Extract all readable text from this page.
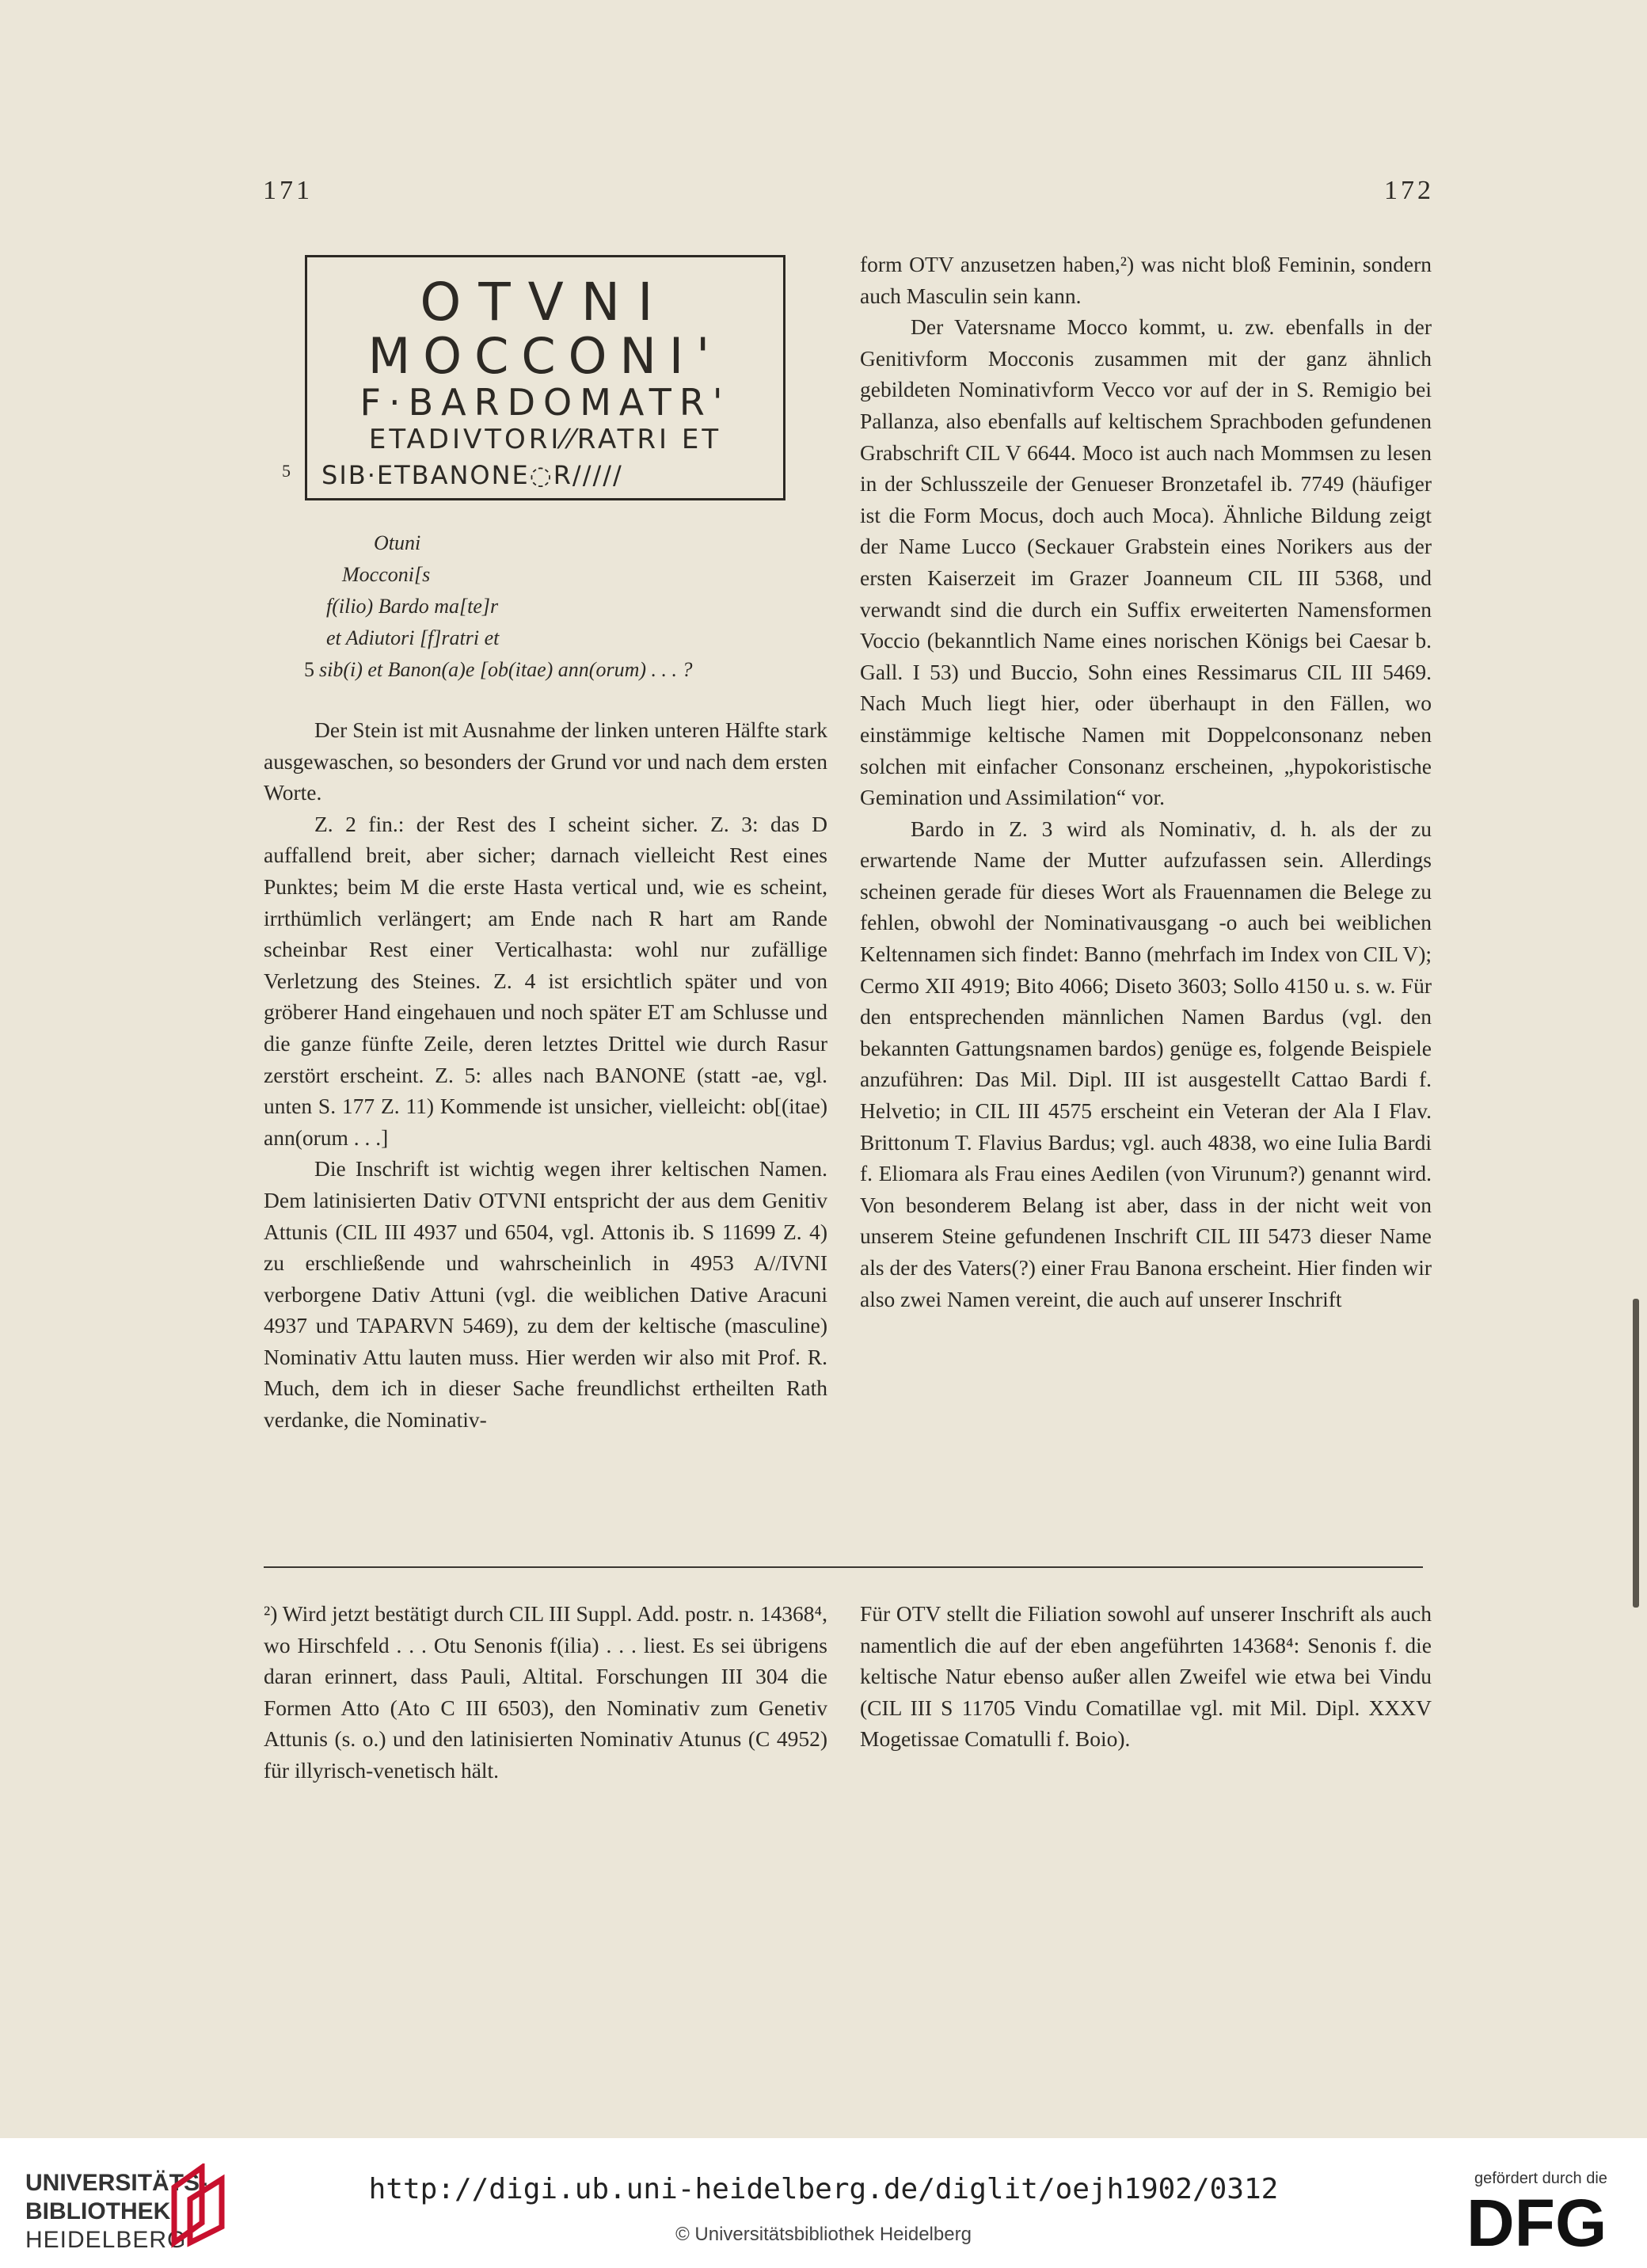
171	172
OTVNI
MOCCONI'
F·BARDOMATR'
ETADIVTORI⁄⁄RATRI ET
SIB·ETBANONE◌R/////
5
Otuni
Mocconi[s
f(ilio) Bardo ma[te]r
et Adiutori [f]ratri et
5 sib(i) et Banon(a)e [ob(itae) ann(orum) . . . ?

Der Stein ist mit Ausnahme der linken unteren Hälfte stark ausgewaschen, so besonders der Grund vor und nach dem ersten Worte.

Z. 2 fin.: der Rest des I scheint sicher. Z. 3: das D auffallend breit, aber sicher; darnach vielleicht Rest eines Punktes; beim M die erste Hasta vertical und, wie es scheint, irrthümlich verlängert; am Ende nach R hart am Rande scheinbar Rest einer Verticalhasta: wohl nur zufällige Verletzung des Steines. Z. 4 ist ersichtlich später und von gröberer Hand eingehauen und noch später ET am Schlusse und die ganze fünfte Zeile, deren letztes Drittel wie durch Rasur zerstört erscheint. Z. 5: alles nach BANONE (statt -ae, vgl. unten S. 177 Z. 11) Kommende ist unsicher, vielleicht: ob[(itae) ann(orum . . .]

Die Inschrift ist wichtig wegen ihrer keltischen Namen. Dem latinisierten Dativ OTVNI entspricht der aus dem Genitiv Attunis (CIL III 4937 und 6504, vgl. Attonis ib. S 11699 Z. 4) zu erschließende und wahrscheinlich in 4953 A//IVNI verborgene Dativ Attuni (vgl. die weiblichen Dative Aracuni 4937 und TAPARVN 5469), zu dem der keltische (masculine) Nominativ Attu lauten muss. Hier werden wir also mit Prof. R. Much, dem ich in dieser Sache freundlichst ertheilten Rath verdanke, die Nominativ-

form OTV anzusetzen haben,²) was nicht bloß Feminin, sondern auch Masculin sein kann.

Der Vatersname Mocco kommt, u. zw. ebenfalls in der Genitivform Mocconis zusammen mit der ganz ähnlich gebildeten Nominativform Vecco vor auf der in S. Remigio bei Pallanza, also ebenfalls auf keltischem Sprachboden gefundenen Grabschrift CIL V 6644. Moco ist auch nach Mommsen zu lesen in der Schlusszeile der Genueser Bronzetafel ib. 7749 (häufiger ist die Form Mocus, doch auch Moca). Ähnliche Bildung zeigt der Name Lucco (Seckauer Grabstein eines Norikers aus der ersten Kaiserzeit im Grazer Joanneum CIL III 5368, und verwandt sind die durch ein Suffix erweiterten Namensformen Voccio (bekanntlich Name eines norischen Königs bei Caesar b. Gall. I 53) und Buccio, Sohn eines Ressimarus CIL III 5469. Nach Much liegt hier, oder überhaupt in den Fällen, wo einstämmige keltische Namen mit Doppelconsonanz neben solchen mit einfacher Consonanz erscheinen, „hypokoristische Gemination und Assimilation“ vor.

Bardo in Z. 3 wird als Nominativ, d. h. als der zu erwartende Name der Mutter aufzufassen sein. Allerdings scheinen gerade für dieses Wort als Frauennamen die Belege zu fehlen, obwohl der Nominativausgang -o auch bei weiblichen Keltennamen sich findet: Banno (mehrfach im Index von CIL V); Cermo XII 4919; Bito 4066; Diseto 3603; Sollo 4150 u. s. w. Für den entsprechenden männlichen Namen Bardus (vgl. den bekannten Gattungsnamen bardos) genüge es, folgende Beispiele anzuführen: Das Mil. Dipl. III ist ausgestellt Cattao Bardi f. Helvetio; in CIL III 4575 erscheint ein Veteran der Ala I Flav. Brittonum T. Flavius Bardus; vgl. auch 4838, wo eine Iulia Bardi f. Eliomara als Frau eines Aedilen (von Virunum?) genannt wird. Von besonderem Belang ist aber, dass in der nicht weit von unserem Steine gefundenen Inschrift CIL III 5473 dieser Name als der des Vaters(?) einer Frau Banona erscheint. Hier finden wir also zwei Namen vereint, die auch auf unserer Inschrift

²) Wird jetzt bestätigt durch CIL III Suppl. Add. postr. n. 14368⁴, wo Hirschfeld . . . Otu Senonis f(ilia) . . . liest. Es sei übrigens daran erinnert, dass Pauli, Altital. Forschungen III 304 die Formen Atto (Ato C III 6503), den Nominativ zum Genetiv Attunis (s. o.) und den latinisierten Nominativ Atunus (C 4952) für illyrisch-venetisch hält.

Für OTV stellt die Filiation sowohl auf unserer Inschrift als auch namentlich die auf der eben angeführten 14368⁴: Senonis f. die keltische Natur ebenso außer allen Zweifel wie etwa bei Vindu (CIL III S 11705 Vindu Comatillae vgl. mit Mil. Dipl. XXXV Mogetissae Comatulli f. Boio).

UNIVERSITÄTS-
BIBLIOTHEK
HEIDELBERG
http://digi.ub.uni-heidelberg.de/diglit/oejh1902/0312
© Universitätsbibliothek Heidelberg
gefördert durch die
DFG
